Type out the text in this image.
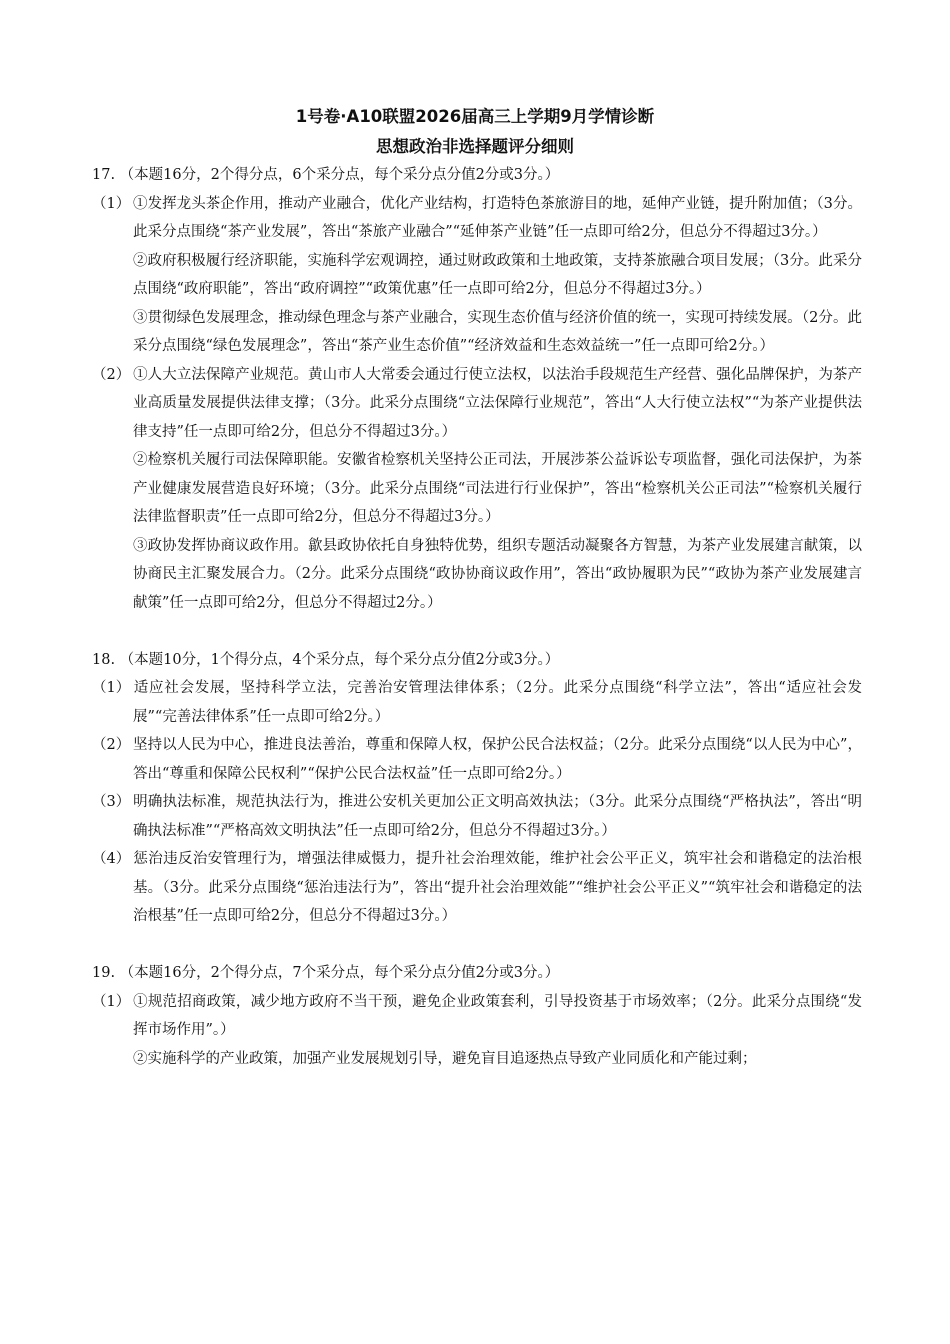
1号卷·A10联盟2026届高三上学期9月学情诊断
思想政治非选择题评分细则

17. （本题16分，2个得分点，6个采分点，每个采分点分值2分或3分。）

（1） ①发挥龙头茶企作用，推动产业融合，优化产业结构，打造特色茶旅游目的地，延伸产业链，提升附加值；（3分。此采分点围绕“茶产业发展”，答出“茶旅产业融合”“延伸茶产业链”任一点即可给2分，但总分不得超过3分。）

②政府积极履行经济职能，实施科学宏观调控，通过财政政策和土地政策，支持茶旅融合项目发展；（3分。此采分点围绕“政府职能”，答出“政府调控”“政策优惠”任一点即可给2分，但总分不得超过3分。）

③贯彻绿色发展理念，推动绿色理念与茶产业融合，实现生态价值与经济价值的统一，实现可持续发展。（2分。此采分点围绕“绿色发展理念”，答出“茶产业生态价值”“经济效益和生态效益统一”任一点即可给2分。）

（2） ①人大立法保障产业规范。黄山市人大常委会通过行使立法权，以法治手段规范生产经营、强化品牌保护，为茶产业高质量发展提供法律支撑；（3分。此采分点围绕“立法保障行业规范”，答出“人大行使立法权”“为茶产业提供法律支持”任一点即可给2分，但总分不得超过3分。）

②检察机关履行司法保障职能。安徽省检察机关坚持公正司法，开展涉茶公益诉讼专项监督，强化司法保护，为茶产业健康发展营造良好环境；（3分。此采分点围绕“司法进行行业保护”，答出“检察机关公正司法”“检察机关履行法律监督职责”任一点即可给2分，但总分不得超过3分。）

③政协发挥协商议政作用。歙县政协依托自身独特优势，组织专题活动凝聚各方智慧，为茶产业发展建言献策，以协商民主汇聚发展合力。（2分。此采分点围绕“政协协商议政作用”，答出“政协履职为民”“政协为茶产业发展建言献策”任一点即可给2分，但总分不得超过2分。）

18. （本题10分，1个得分点，4个采分点，每个采分点分值2分或3分。）

（1） 适应社会发展，坚持科学立法，完善治安管理法律体系；（2分。此采分点围绕“科学立法”，答出“适应社会发展”“完善法律体系”任一点即可给2分。）

（2） 坚持以人民为中心，推进良法善治，尊重和保障人权，保护公民合法权益；（2分。此采分点围绕“以人民为中心”，答出“尊重和保障公民权利”“保护公民合法权益”任一点即可给2分。）

（3） 明确执法标准，规范执法行为，推进公安机关更加公正文明高效执法；（3分。此采分点围绕“严格执法”，答出“明确执法标准”“严格高效文明执法”任一点即可给2分，但总分不得超过3分。）

（4） 惩治违反治安管理行为，增强法律威慑力，提升社会治理效能，维护社会公平正义，筑牢社会和谐稳定的法治根基。（3分。此采分点围绕“惩治违法行为”，答出“提升社会治理效能”“维护社会公平正义”“筑牢社会和谐稳定的法治根基”任一点即可给2分，但总分不得超过3分。）

19. （本题16分，2个得分点，7个采分点，每个采分点分值2分或3分。）

（1） ①规范招商政策，减少地方政府不当干预，避免企业政策套利，引导投资基于市场效率；（2分。此采分点围绕“发挥市场作用”。）

②实施科学的产业政策，加强产业发展规划引导，避免盲目追逐热点导致产业同质化和产能过剩；
